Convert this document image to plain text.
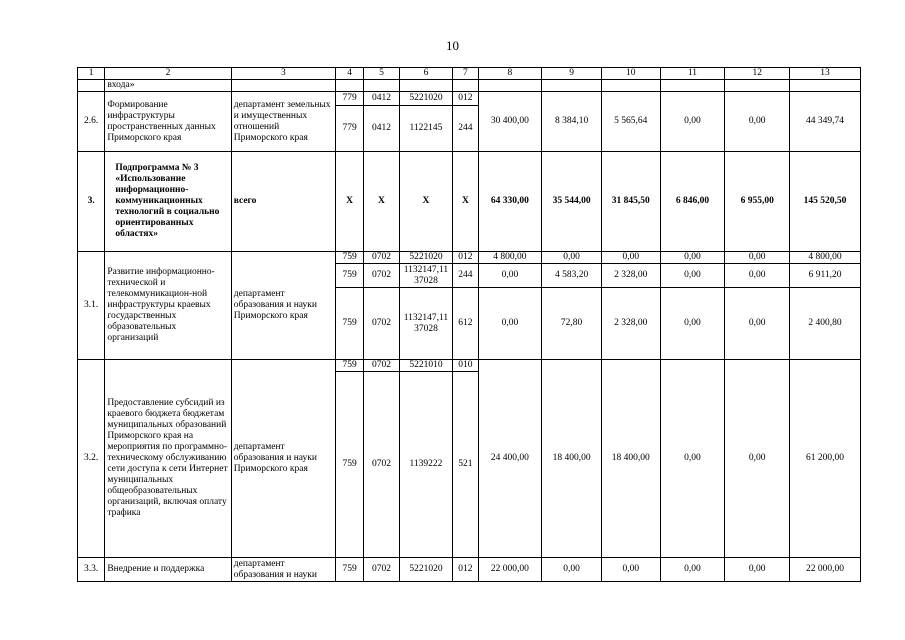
10
1	2	3	4	5	6	7	8	9	10	11	12	13
	входа»											
2.6.	Формирование инфраструктуры пространственных данных Приморского края	департамент земельных и имущественных отношений Приморского края	779	0412	5221020	012	30 400,00	8 384,10	5 565,64	0,00	0,00	44 349,74
			779	0412	1122145	244						
3.	Подпрограмма № 3 «Использование информационно-коммуникационных технологий в социально ориентированных областях»	всего	Х	Х	Х	Х	64 330,00	35 544,00	31 845,50	6 846,00	6 955,00	145 520,50
3.1.	Развитие информационно-технической и телекоммуникацион-ной инфраструктуры краевых государственных образовательных организаций	департамент образования и науки Приморского края	759	0702	5221020	012	4 800,00	0,00	0,00	0,00	0,00	4 800,00
			759	0702	1132147,11 37028	244	0,00	4 583,20	2 328,00	0,00	0,00	6 911,20
			759	0702	1132147,11 37028	612	0,00	72,80	2 328,00	0,00	0,00	2 400,80
3.2.	Предоставление субсидий из краевого бюджета бюджетам муниципальных образований Приморского края на мероприятия по программно-техническому обслуживанию сети доступа к сети Интернет муниципальных общеобразовательных организаций, включая оплату трафика	департамент образования и науки Приморского края	759	0702	5221010	010	24 400,00	18 400,00	18 400,00	0,00	0,00	61 200,00
			759	0702	1139222	521						
3.3.	Внедрение и поддержка	департамент образования и науки	759	0702	5221020	012	22 000,00	0,00	0,00	0,00	0,00	22 000,00
